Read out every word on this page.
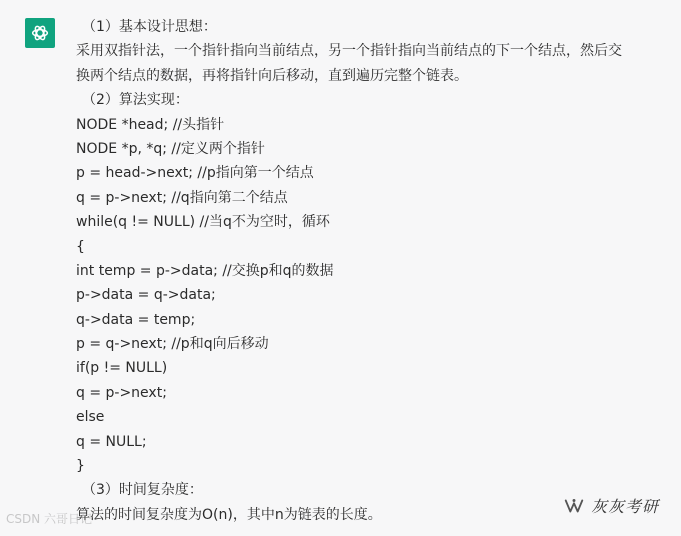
（1）基本设计思想：
采用双指针法，一个指针指向当前结点，另一个指针指向当前结点的下一个结点，然后交
换两个结点的数据，再将指针向后移动，直到遍历完整个链表。
（2）算法实现：
NODE *head; //头指针
NODE *p, *q; //定义两个指针
p = head->next; //p指向第一个结点
q = p->next; //q指向第二个结点
while(q != NULL) //当q不为空时，循环
{
int temp = p->data; //交换p和q的数据
p->data = q->data;
q->data = temp;
p = q->next; //p和q向后移动
if(p != NULL)
q = p->next;
else
q = NULL;
}
（3）时间复杂度：
算法的时间复杂度为O(n)，其中n为链表的长度。
CSDN 六哥日记
灰灰考研
